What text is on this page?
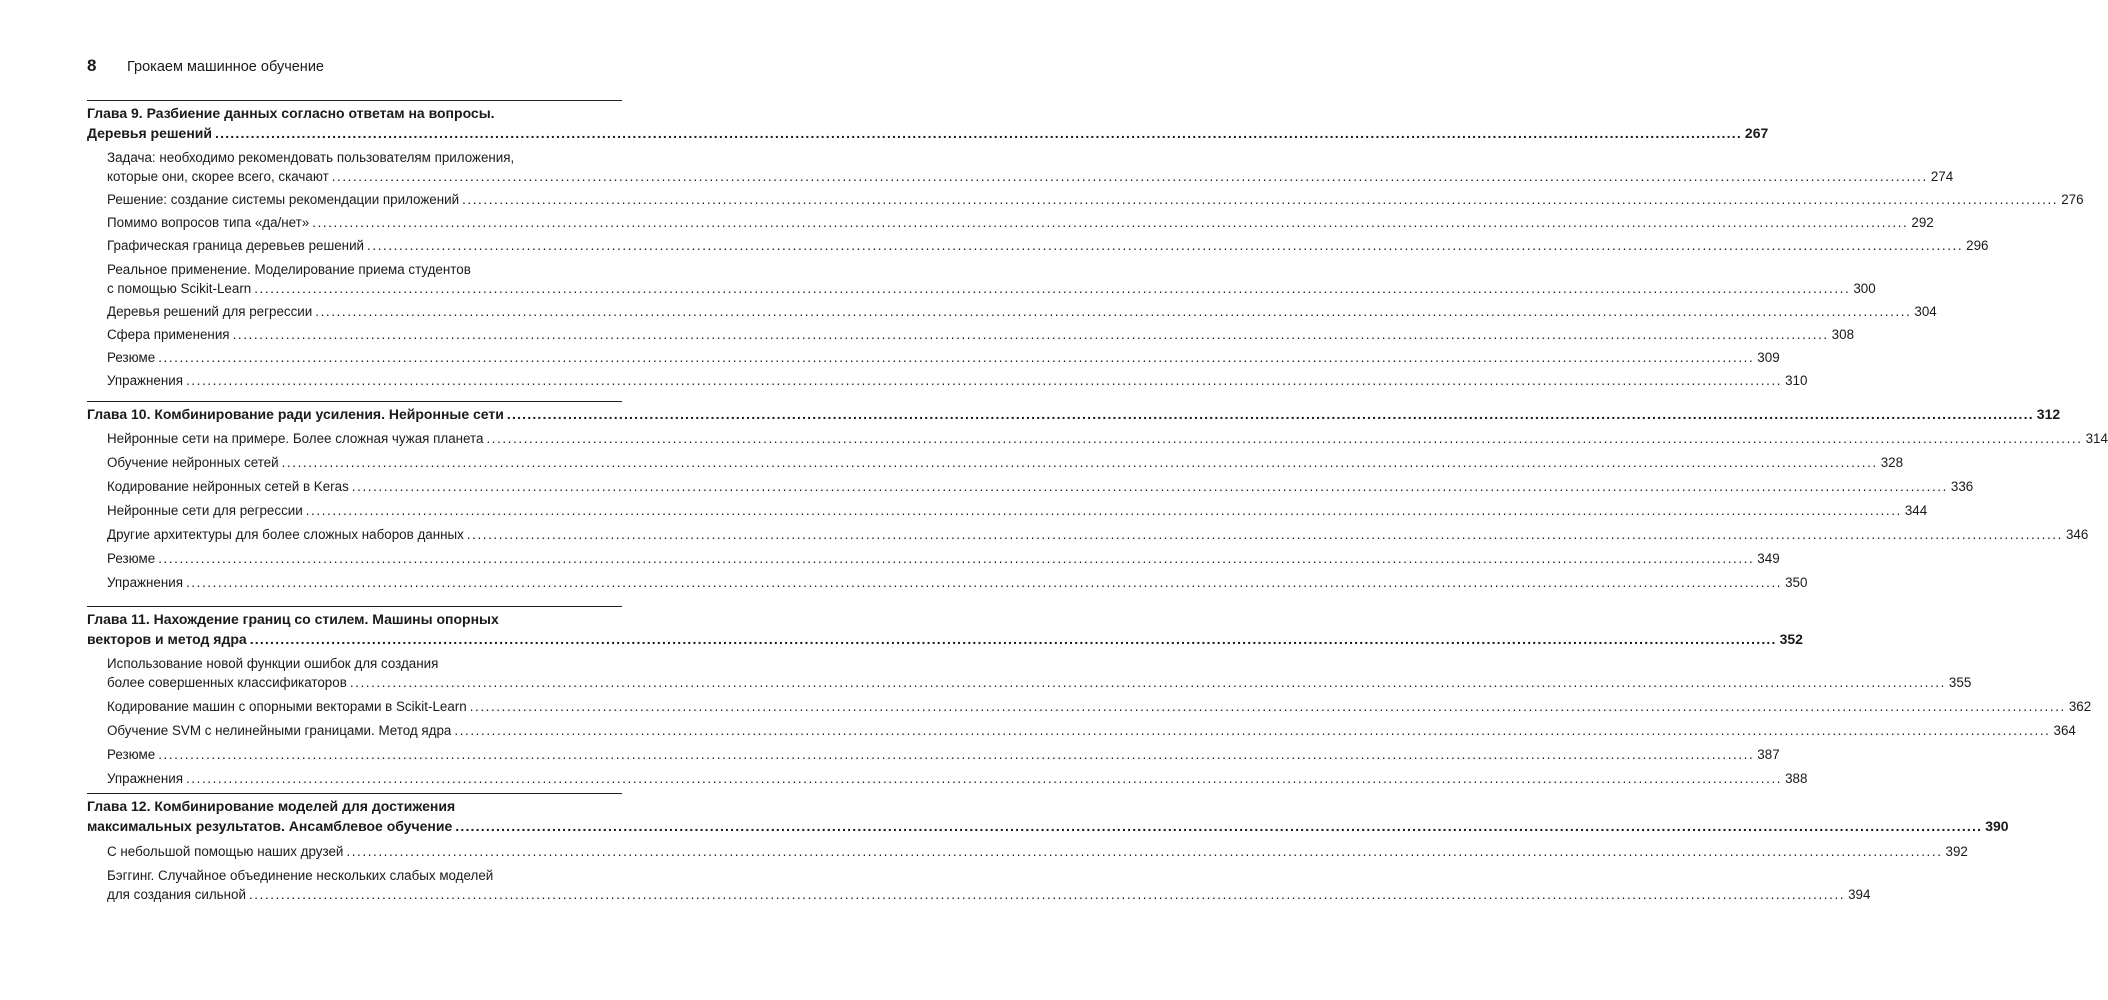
8	Грокаем машинное обучение
Глава 9. Разбиение данных согласно ответам на вопросы.
Деревья решений ............................................................................................................................................................................................................................................................................................................ 267
Задача: необходимо рекомендовать пользователям приложения,
которые они, скорее всего, скачают ............................................................................................................................................................................................................................................................................................................ 274
Решение: создание системы рекомендации приложений ............................................................................................................................................................................................................................................................................................................ 276
Помимо вопросов типа «да/нет» ............................................................................................................................................................................................................................................................................................................ 292
Графическая граница деревьев решений ............................................................................................................................................................................................................................................................................................................ 296
Реальное применение. Моделирование приема студентов
с помощью Scikit-Learn ............................................................................................................................................................................................................................................................................................................ 300
Деревья решений для регрессии ............................................................................................................................................................................................................................................................................................................ 304
Сфера применения ............................................................................................................................................................................................................................................................................................................ 308
Резюме ............................................................................................................................................................................................................................................................................................................ 309
Упражнения ............................................................................................................................................................................................................................................................................................................ 310
Глава 10. Комбинирование ради усиления. Нейронные сети ............................................................................................................................................................................................................................................................................................................ 312
Нейронные сети на примере. Более сложная чужая планета ............................................................................................................................................................................................................................................................................................................ 314
Обучение нейронных сетей ............................................................................................................................................................................................................................................................................................................ 328
Кодирование нейронных сетей в Keras ............................................................................................................................................................................................................................................................................................................ 336
Нейронные сети для регрессии ............................................................................................................................................................................................................................................................................................................ 344
Другие архитектуры для более сложных наборов данных ............................................................................................................................................................................................................................................................................................................ 346
Резюме ............................................................................................................................................................................................................................................................................................................ 349
Упражнения ............................................................................................................................................................................................................................................................................................................ 350
Глава 11. Нахождение границ со стилем. Машины опорных
векторов и метод ядра ............................................................................................................................................................................................................................................................................................................ 352
Использование новой функции ошибок для создания
более совершенных классификаторов ............................................................................................................................................................................................................................................................................................................ 355
Кодирование машин с опорными векторами в Scikit-Learn ............................................................................................................................................................................................................................................................................................................ 362
Обучение SVM с нелинейными границами. Метод ядра ............................................................................................................................................................................................................................................................................................................ 364
Резюме ............................................................................................................................................................................................................................................................................................................ 387
Упражнения ............................................................................................................................................................................................................................................................................................................ 388
Глава 12. Комбинирование моделей для достижения
максимальных результатов. Ансамблевое обучение ............................................................................................................................................................................................................................................................................................................ 390
С небольшой помощью наших друзей ............................................................................................................................................................................................................................................................................................................ 392
Бэггинг. Случайное объединение нескольких слабых моделей
для создания сильной ............................................................................................................................................................................................................................................................................................................ 394
